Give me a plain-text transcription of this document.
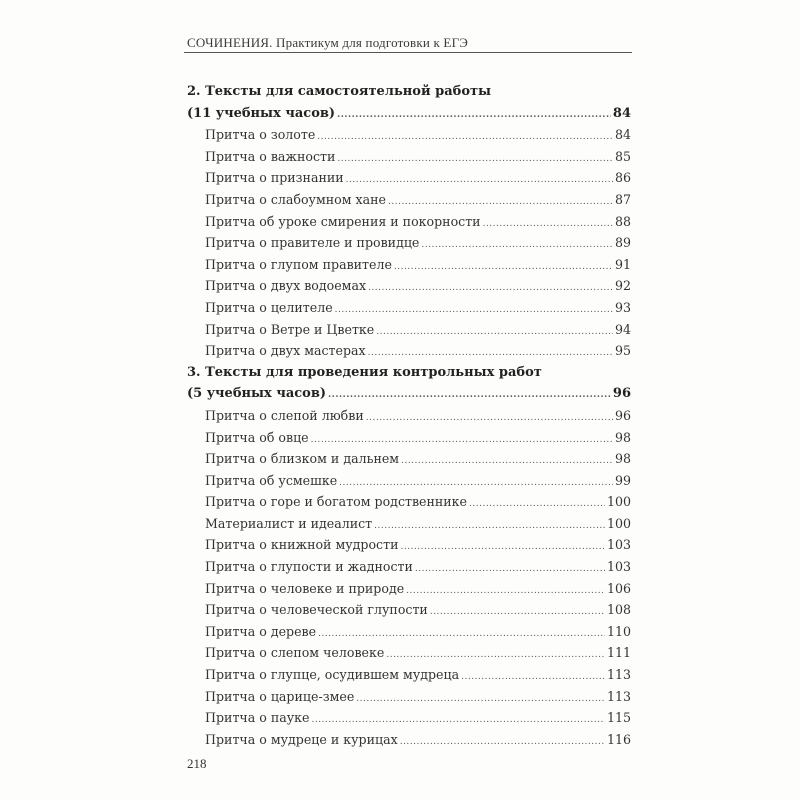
СОЧИНЕНИЯ. Практикум для подготовки к ЕГЭ
2. Тексты для самостоятельной работы
(11 учебных часов) .....	84
Притча о золоте .....	84
Притча о важности .....	85
Притча о признании .....	86
Притча о слабоумном хане .....	87
Притча об уроке смирения и покорности .....	88
Притча о правителе и провидце .....	89
Притча о глупом правителе .....	91
Притча о двух водоемах .....	92
Притча о целителе .....	93
Притча о Ветре и Цветке .....	94
Притча о двух мастерах .....	95
3. Тексты для проведения контрольных работ
(5 учебных часов) .....	96
Притча о слепой любви .....	96
Притча об овце .....	98
Притча о близком и дальнем .....	98
Притча об усмешке .....	99
Притча о горе и богатом родственнике .....	100
Материалист и идеалист .....	100
Притча о книжной мудрости .....	103
Притча о глупости и жадности .....	103
Притча о человеке и природе .....	106
Притча о человеческой глупости .....	108
Притча о дереве .....	110
Притча о слепом человеке .....	111
Притча о глупце, осудившем мудреца .....	113
Притча о царице-змее .....	113
Притча о пауке .....	115
Притча о мудреце и курицах .....	116
218
